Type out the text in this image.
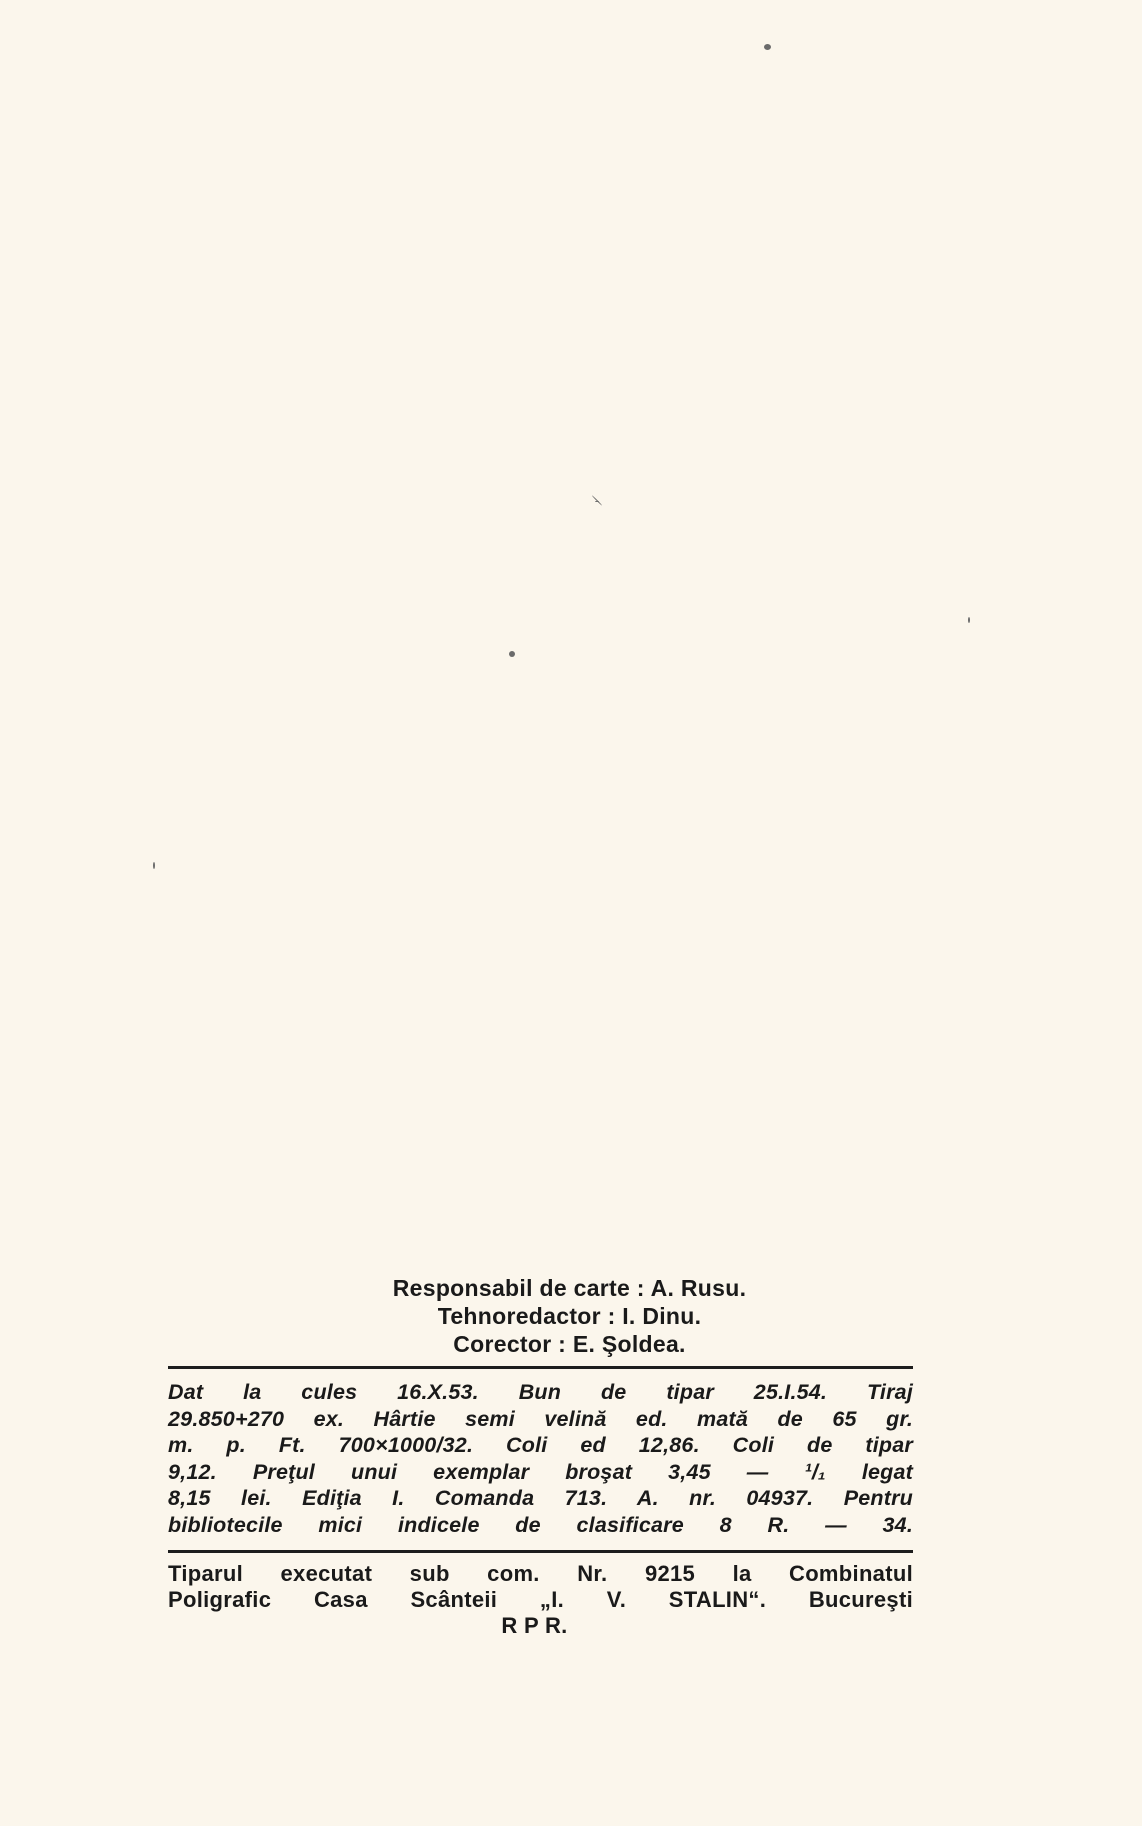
Responsabil de carte : A. Rusu.
Tehnoredactor : I. Dinu.
Corector : E. Şoldea.
Dat la cules 16.X.53. Bun de tipar 25.I.54. Tiraj
29.850+270 ex. Hârtie semi velină ed. mată de 65 gr.
m. p. Ft. 700×1000/32. Coli ed 12,86. Coli de tipar
9,12. Preţul unui exemplar broşat 3,45 — ¹/₁ legat
8,15 lei. Ediţia I. Comanda 713. A. nr. 04937. Pentru
bibliotecile mici indicele de clasificare 8 R. — 34.
Tiparul executat sub com. Nr. 9215 la Combinatul
Poligrafic Casa Scânteii „I. V. STALIN“. Bucureşti
R P R.
